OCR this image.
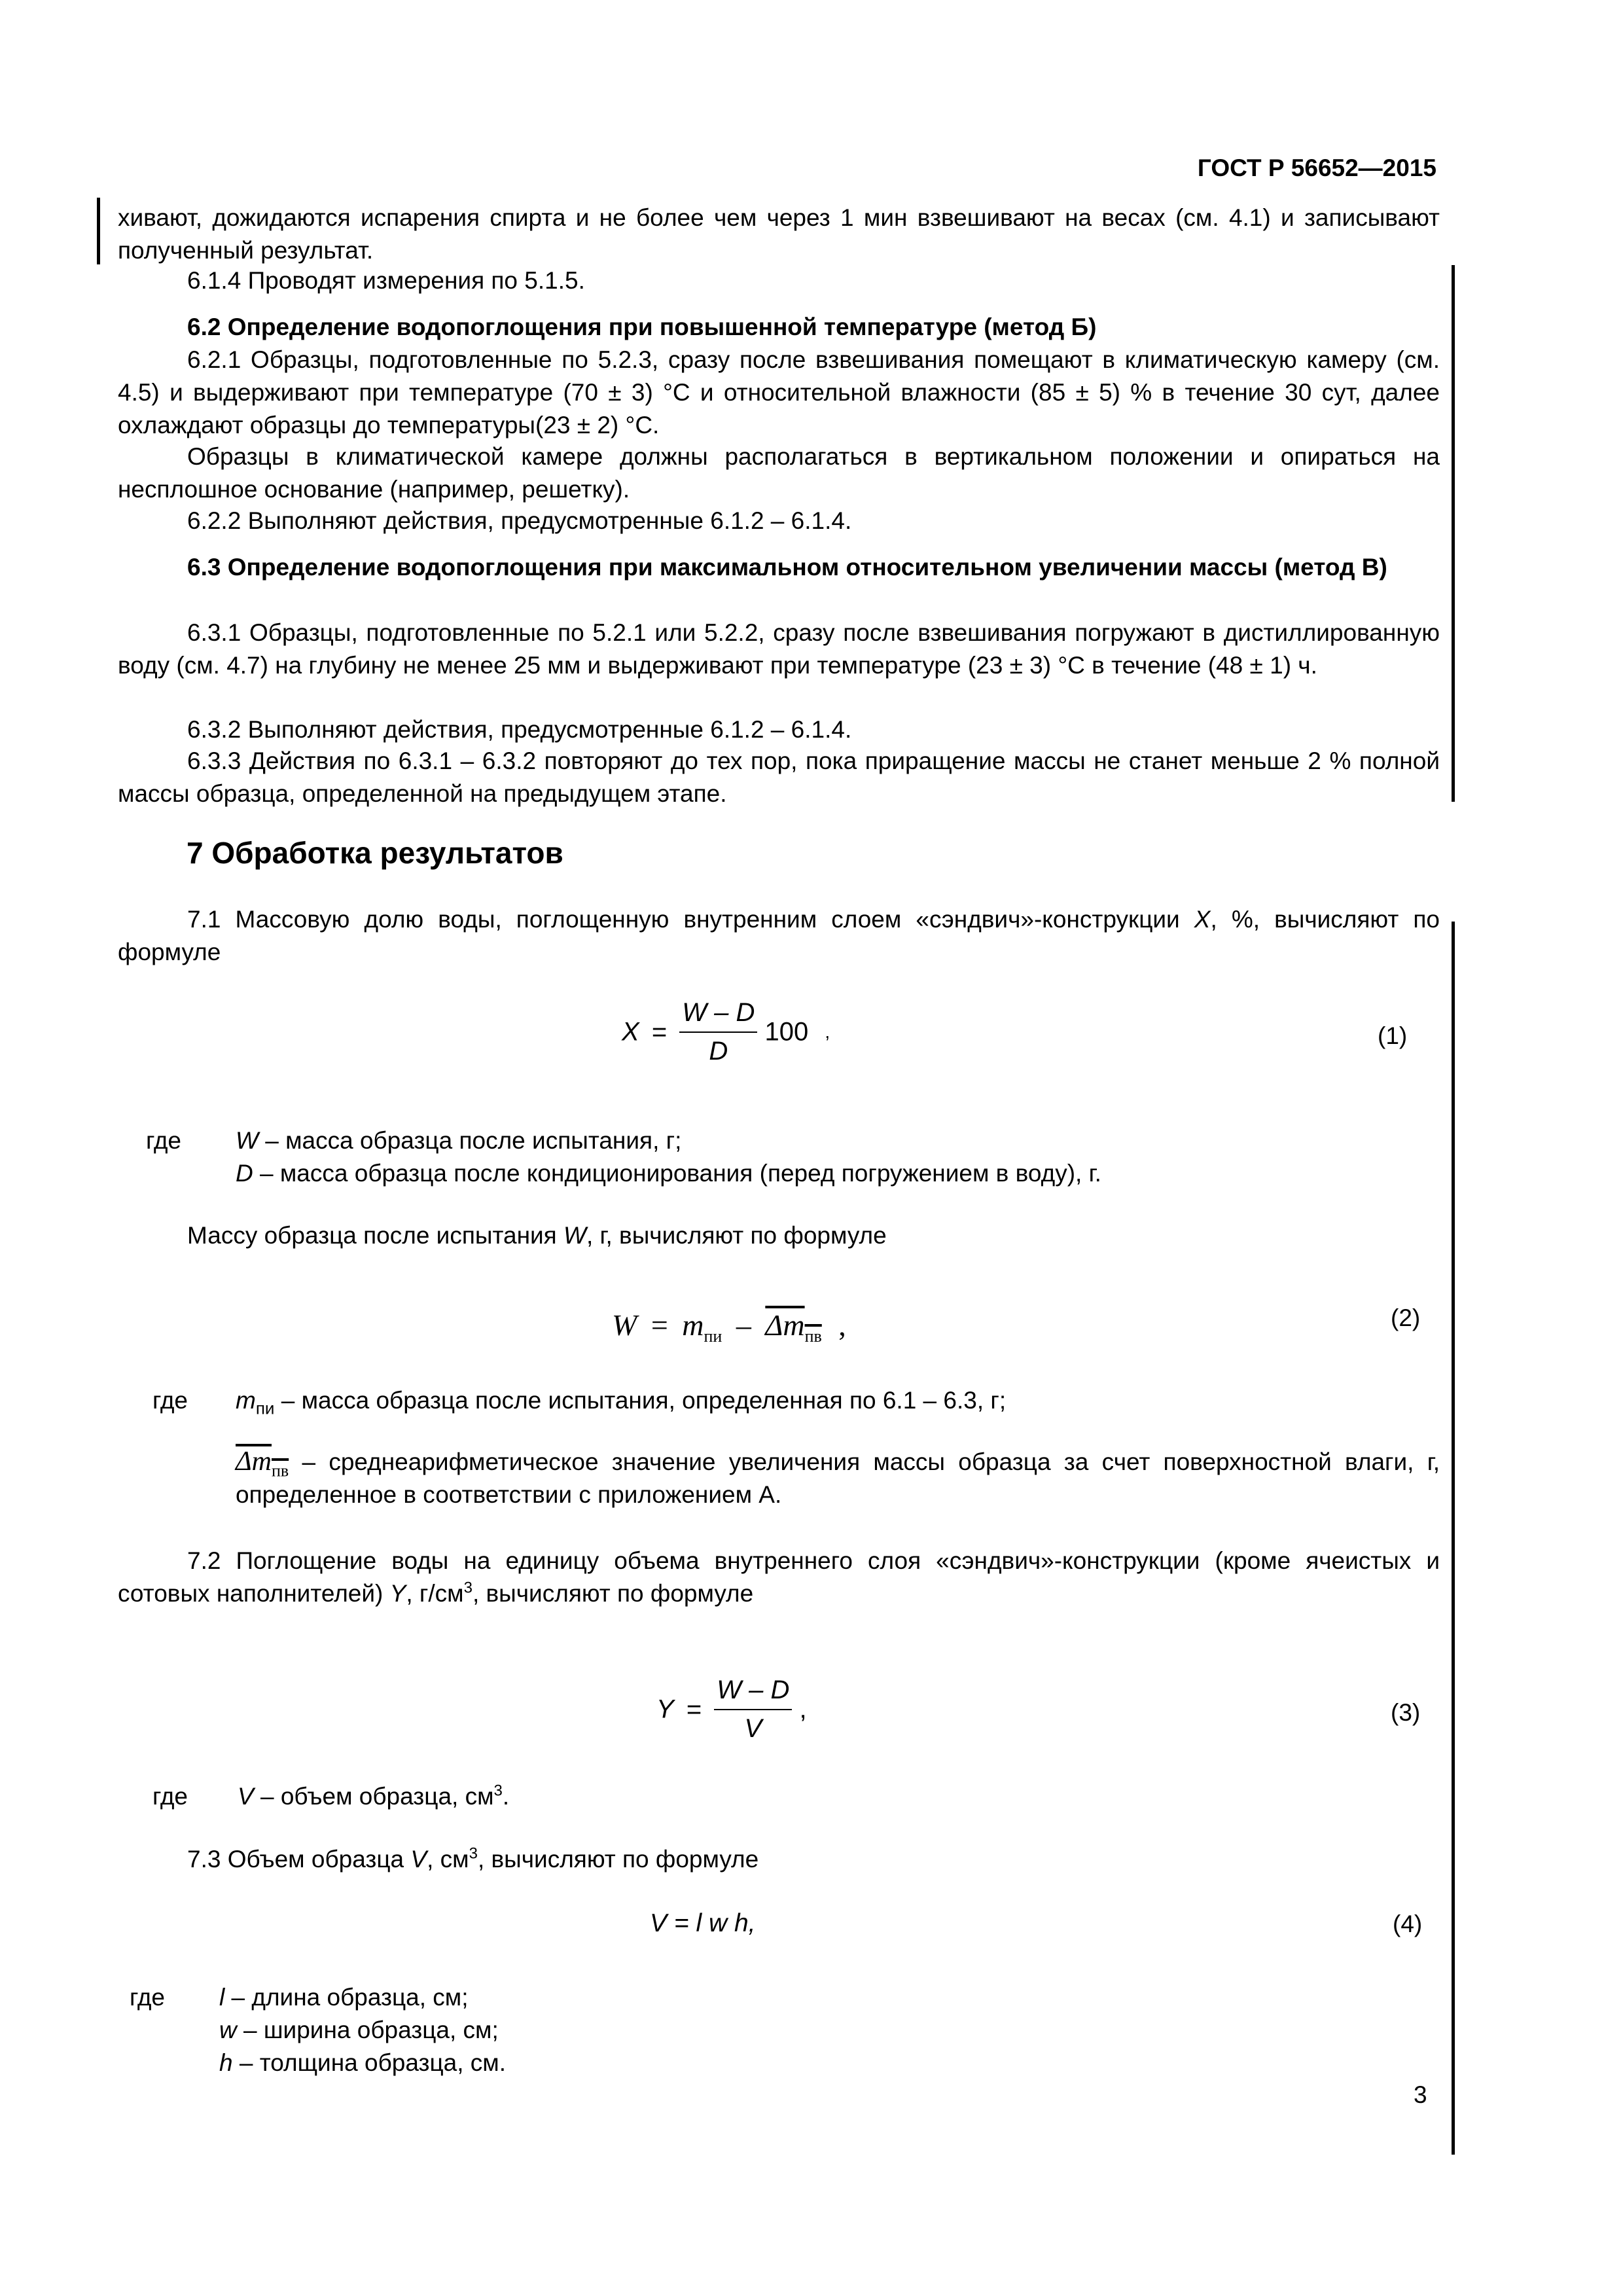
ГОСТ Р 56652—2015
хивают, дожидаются испарения спирта и не более чем через 1 мин взвешивают на весах (см. 4.1) и записывают полученный результат.
6.1.4 Проводят измерения по 5.1.5.
6.2 Определение водопоглощения при повышенной температуре (метод Б)
6.2.1 Образцы, подготовленные по 5.2.3, сразу после взвешивания помещают в климатическую камеру (см. 4.5) и выдерживают при температуре (70 ± 3) °С и относительной влажности (85 ± 5) % в течение 30 сут, далее охлаждают образцы до температуры(23 ± 2) °С.
Образцы в климатической камере должны располагаться в вертикальном положении и опираться на несплошное основание (например, решетку).
6.2.2 Выполняют действия, предусмотренные 6.1.2 – 6.1.4.
6.3 Определение водопоглощения при максимальном относительном увеличении массы (метод В)
6.3.1 Образцы, подготовленные по 5.2.1 или 5.2.2, сразу после взвешивания погружают в дистиллированную воду (см. 4.7) на глубину не менее 25 мм и выдерживают при температуре (23 ± 3) °С в течение (48 ± 1) ч.
6.3.2 Выполняют действия, предусмотренные 6.1.2 – 6.1.4.
6.3.3 Действия по 6.3.1 – 6.3.2 повторяют до тех пор, пока приращение массы не станет меньше 2 % полной массы образца, определенной на предыдущем этапе.
7 Обработка результатов
7.1 Массовую долю воды, поглощенную внутренним слоем «сэндвич»-конструкции X, %, вычисляют по формуле
$X = \frac{W - D}{D} 100$ ,	(1)
где W – масса образца после испытания, г;
D – масса образца после кондиционирования (перед погружением в воду), г.
Массу образца после испытания W, г, вычисляют по формуле
$W = m_{пи} - \Delta m_{пв}$ ,	(2)
где $m_{пи}$ – масса образца после испытания, определенная по 6.1 – 6.3, г;
$\Delta m_{пв}$ – среднеарифметическое значение увеличения массы образца за счет поверхностной влаги, г, определенное в соответствии с приложением А.
7.2 Поглощение воды на единицу объема внутреннего слоя «сэндвич»-конструкции (кроме ячеистых и сотовых наполнителей) Y, $г/см^3$, вычисляют по формуле
$Y = \frac{W - D}{V}$ ,	(3)
где V – объем образца, $см^3$.
7.3 Объем образца V, $см^3$, вычисляют по формуле
V = l w h,	(4)
где l – длина образца, см;
w – ширина образца, см;
h – толщина образца, см.
3
